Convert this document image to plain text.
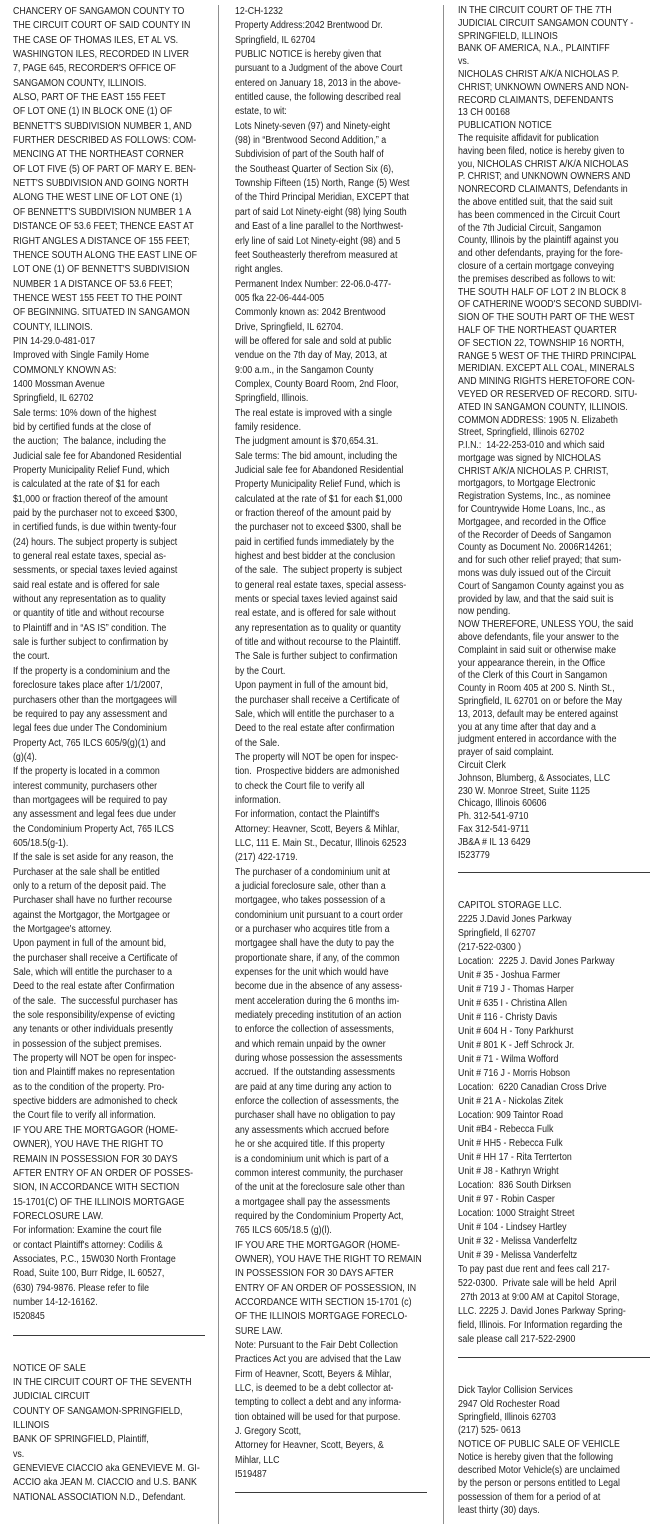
CHANCERY OF SANGAMON COUNTY TO
THE CIRCUIT COURT OF SAID COUNTY IN
THE CASE OF THOMAS ILES, ET AL VS.
WASHINGTON ILES, RECORDED IN LIVER
7, PAGE 645, RECORDER'S OFFICE OF
SANGAMON COUNTY, ILLINOIS.
ALSO, PART OF THE EAST 155 FEET
OF LOT ONE (1) IN BLOCK ONE (1) OF
BENNETT'S SUBDIVISION NUMBER 1, AND
FURTHER DESCRIBED AS FOLLOWS: COM-
MENCING AT THE NORTHEAST CORNER
OF LOT FIVE (5) OF PART OF MARY E. BEN-
NETT'S SUBDIVISION AND GOING NORTH
ALONG THE WEST LINE OF LOT ONE (1)
OF BENNETT'S SUBDIVISION NUMBER 1 A
DISTANCE OF 53.6 FEET; THENCE EAST AT
RIGHT ANGLES A DISTANCE OF 155 FEET;
THENCE SOUTH ALONG THE EAST LINE OF
LOT ONE (1) OF BENNETT'S SUBDIVISION
NUMBER 1 A DISTANCE OF 53.6 FEET;
THENCE WEST 155 FEET TO THE POINT
OF BEGINNING. SITUATED IN SANGAMON
COUNTY, ILLINOIS.
PIN 14-29.0-481-017
Improved with Single Family Home
COMMONLY KNOWN AS:
1400 Mossman Avenue
Springfield, IL 62702
Sale terms: 10% down of the highest
bid by certified funds at the close of
the auction;  The balance, including the
Judicial sale fee for Abandoned Residential
Property Municipality Relief Fund, which
is calculated at the rate of $1 for each
$1,000 or fraction thereof of the amount
paid by the purchaser not to exceed $300,
in certified funds, is due within twenty-four
(24) hours. The subject property is subject
to general real estate taxes, special as-
sessments, or special taxes levied against
said real estate and is offered for sale
without any representation as to quality
or quantity of title and without recourse
to Plaintiff and in “AS IS” condition. The
sale is further subject to confirmation by
the court.
If the property is a condominium and the
foreclosure takes place after 1/1/2007,
purchasers other than the mortgagees will
be required to pay any assessment and
legal fees due under The Condominium
Property Act, 765 ILCS 605/9(g)(1) and
(g)(4).
If the property is located in a common
interest community, purchasers other
than mortgagees will be required to pay
any assessment and legal fees due under
the Condominium Property Act, 765 ILCS
605/18.5(g-1).
If the sale is set aside for any reason, the
Purchaser at the sale shall be entitled
only to a return of the deposit paid. The
Purchaser shall have no further recourse
against the Mortgagor, the Mortgagee or
the Mortgagee's attorney.
Upon payment in full of the amount bid,
the purchaser shall receive a Certificate of
Sale, which will entitle the purchaser to a
Deed to the real estate after Confirmation
of the sale.  The successful purchaser has
the sole responsibility/expense of evicting
any tenants or other individuals presently
in possession of the subject premises.
The property will NOT be open for inspec-
tion and Plaintiff makes no representation
as to the condition of the property. Pro-
spective bidders are admonished to check
the Court file to verify all information.
IF YOU ARE THE MORTGAGOR (HOME-
OWNER), YOU HAVE THE RIGHT TO
REMAIN IN POSSESSION FOR 30 DAYS
AFTER ENTRY OF AN ORDER OF POSSES-
SION, IN ACCORDANCE WITH SECTION
15-1701(C) OF THE ILLINOIS MORTGAGE
FORECLOSURE LAW.
For information: Examine the court file
or contact Plaintiff's attorney: Codilis &
Associates, P.C., 15W030 North Frontage
Road, Suite 100, Burr Ridge, IL 60527,
(630) 794-9876. Please refer to file
number 14-12-16162.
I520845
NOTICE OF SALE
IN THE CIRCUIT COURT OF THE SEVENTH
JUDICIAL CIRCUIT
COUNTY OF SANGAMON-SPRINGFIELD,
ILLINOIS
BANK OF SPRINGFIELD, Plaintiff,
vs.
GENEVIEVE CIACCIO aka GENEVIEVE M. GI-
ACCIO aka JEAN M. CIACCIO and U.S. BANK
NATIONAL ASSOCIATION N.D., Defendant.
12-CH-1232
Property Address:2042 Brentwood Dr.
Springfield, IL 62704
PUBLIC NOTICE is hereby given that
pursuant to a Judgment of the above Court
entered on January 18, 2013 in the above-
entitled cause, the following described real
estate, to wit:
Lots Ninety-seven (97) and Ninety-eight
(98) in “Brentwood Second Addition,” a
Subdivision of part of the South half of
the Southeast Quarter of Section Six (6),
Township Fifteen (15) North, Range (5) West
of the Third Principal Meridian, EXCEPT that
part of said Lot Ninety-eight (98) lying South
and East of a line parallel to the Northwest-
erly line of said Lot Ninety-eight (98) and 5
feet Southeasterly therefrom measured at
right angles.
Permanent Index Number: 22-06.0-477-
005 fka 22-06-444-005
Commonly known as: 2042 Brentwood
Drive, Springfield, IL 62704.
will be offered for sale and sold at public
vendue on the 7th day of May, 2013, at
9:00 a.m., in the Sangamon County
Complex, County Board Room, 2nd Floor,
Springfield, Illinois.
The real estate is improved with a single
family residence.
The judgment amount is $70,654.31.
Sale terms: The bid amount, including the
Judicial sale fee for Abandoned Residential
Property Municipality Relief Fund, which is
calculated at the rate of $1 for each $1,000
or fraction thereof of the amount paid by
the purchaser not to exceed $300, shall be
paid in certified funds immediately by the
highest and best bidder at the conclusion
of the sale.  The subject property is subject
to general real estate taxes, special assess-
ments or special taxes levied against said
real estate, and is offered for sale without
any representation as to quality or quantity
of title and without recourse to the Plaintiff.
The Sale is further subject to confirmation
by the Court.
Upon payment in full of the amount bid,
the purchaser shall receive a Certificate of
Sale, which will entitle the purchaser to a
Deed to the real estate after confirmation
of the Sale.
The property will NOT be open for inspec-
tion.  Prospective bidders are admonished
to check the Court file to verify all
information.
For information, contact the Plaintiff's
Attorney: Heavner, Scott, Beyers & Mihlar,
LLC, 111 E. Main St., Decatur, Illinois 62523
(217) 422-1719.
The purchaser of a condominium unit at
a judicial foreclosure sale, other than a
mortgagee, who takes possession of a
condominium unit pursuant to a court order
or a purchaser who acquires title from a
mortgagee shall have the duty to pay the
proportionate share, if any, of the common
expenses for the unit which would have
become due in the absence of any assess-
ment acceleration during the 6 months im-
mediately preceding institution of an action
to enforce the collection of assessments,
and which remain unpaid by the owner
during whose possession the assessments
accrued.  If the outstanding assessments
are paid at any time during any action to
enforce the collection of assessments, the
purchaser shall have no obligation to pay
any assessments which accrued before
he or she acquired title. If this property
is a condominium unit which is part of a
common interest community, the purchaser
of the unit at the foreclosure sale other than
a mortgagee shall pay the assessments
required by the Condominium Property Act,
765 ILCS 605/18.5 (g)(l).
IF YOU ARE THE MORTGAGOR (HOME-
OWNER), YOU HAVE THE RIGHT TO REMAIN
IN POSSESSION FOR 30 DAYS AFTER
ENTRY OF AN ORDER OF POSSESSION, IN
ACCORDANCE WITH SECTION 15-1701 (c)
OF THE ILLINOIS MORTGAGE FORECLO-
SURE LAW.
Note: Pursuant to the Fair Debt Collection
Practices Act you are advised that the Law
Firm of Heavner, Scott, Beyers & Mihlar,
LLC, is deemed to be a debt collector at-
tempting to collect a debt and any informa-
tion obtained will be used for that purpose.
J. Gregory Scott,
Attorney for Heavner, Scott, Beyers, &
Mihlar, LLC
I519487
IN THE CIRCUIT COURT OF THE 7TH
JUDICIAL CIRCUIT SANGAMON COUNTY -
SPRINGFIELD, ILLINOIS
BANK OF AMERICA, N.A., PLAINTIFF
vs.
NICHOLAS CHRIST A/K/A NICHOLAS P.
CHRIST; UNKNOWN OWNERS AND NON-
RECORD CLAIMANTS, DEFENDANTS
13 CH 00168
PUBLICATION NOTICE
The requisite affidavit for publication
having been filed, notice is hereby given to
you, NICHOLAS CHRIST A/K/A NICHOLAS
P. CHRIST; and UNKNOWN OWNERS AND
NONRECORD CLAIMANTS, Defendants in
the above entitled suit, that the said suit
has been commenced in the Circuit Court
of the 7th Judicial Circuit, Sangamon
County, Illinois by the plaintiff against you
and other defendants, praying for the fore-
closure of a certain mortgage conveying
the premises described as follows to wit:
THE SOUTH HALF OF LOT 2 IN BLOCK 8
OF CATHERINE WOOD'S SECOND SUBDIVI-
SION OF THE SOUTH PART OF THE WEST
HALF OF THE NORTHEAST QUARTER
OF SECTION 22, TOWNSHIP 16 NORTH,
RANGE 5 WEST OF THE THIRD PRINCIPAL
MERIDIAN. EXCEPT ALL COAL, MINERALS
AND MINING RIGHTS HERETOFORE CON-
VEYED OR RESERVED OF RECORD. SITU-
ATED IN SANGAMON COUNTY, ILLINOIS.
COMMON ADDRESS: 1905 N. Elizabeth
Street, Springfield, Illinois 62702
P.I.N.:  14-22-253-010 and which said
mortgage was signed by NICHOLAS
CHRIST A/K/A NICHOLAS P. CHRIST,
mortgagors, to Mortgage Electronic
Registration Systems, Inc., as nominee
for Countrywide Home Loans, Inc., as
Mortgagee, and recorded in the Office
of the Recorder of Deeds of Sangamon
County as Document No. 2006R14261;
and for such other relief prayed; that sum-
mons was duly issued out of the Circuit
Court of Sangamon County against you as
provided by law, and that the said suit is
now pending.
NOW THEREFORE, UNLESS YOU, the said
above defendants, file your answer to the
Complaint in said suit or otherwise make
your appearance therein, in the Office
of the Clerk of this Court in Sangamon
County in Room 405 at 200 S. Ninth St.,
Springfield, IL 62701 on or before the May
13, 2013, default may be entered against
you at any time after that day and a
judgment entered in accordance with the
prayer of said complaint.
Circuit Clerk
Johnson, Blumberg, & Associates, LLC
230 W. Monroe Street, Suite 1125
Chicago, Illinois 60606
Ph. 312-541-9710
Fax 312-541-9711
JB&A # IL 13 6429
I523779
CAPITOL STORAGE LLC.
2225 J.David Jones Parkway
Springfield, Il 62707
(217-522-0300 )
Location:  2225 J. David Jones Parkway
Unit # 35 - Joshua Farmer
Unit # 719 J - Thomas Harper
Unit # 635 I - Christina Allen
Unit # 116 - Christy Davis
Unit # 604 H - Tony Parkhurst
Unit # 801 K - Jeff Schrock Jr.
Unit # 71 - Wilma Wofford
Unit # 716 J - Morris Hobson
Location:  6220 Canadian Cross Drive
Unit # 21 A - Nickolas Zitek
Location: 909 Taintor Road
Unit #B4 - Rebecca Fulk
Unit # HH5 - Rebecca Fulk
Unit # HH 17 - Rita Terrterton
Unit # J8 - Kathryn Wright
Location:  836 South Dirksen
Unit # 97 - Robin Casper
Location: 1000 Straight Street
Unit # 104 - Lindsey Hartley
Unit # 32 - Melissa Vanderfeltz
Unit # 39 - Melissa Vanderfeltz
To pay past due rent and fees call 217-
522-0300.  Private sale will be held  April
27th 2013 at 9:00 AM at Capitol Storage,
LLC. 2225 J. David Jones Parkway Spring-
field, Illinois. For Information regarding the
sale please call 217-522-2900
Dick Taylor Collision Services
2947 Old Rochester Road
Springfield, Illinois 62703
(217) 525- 0613
NOTICE OF PUBLIC SALE OF VEHICLE
Notice is hereby given that the following
described Motor Vehicle(s) are unclaimed
by the person or persons entitled to Legal
possession of them for a period of at
least thirty (30) days.
